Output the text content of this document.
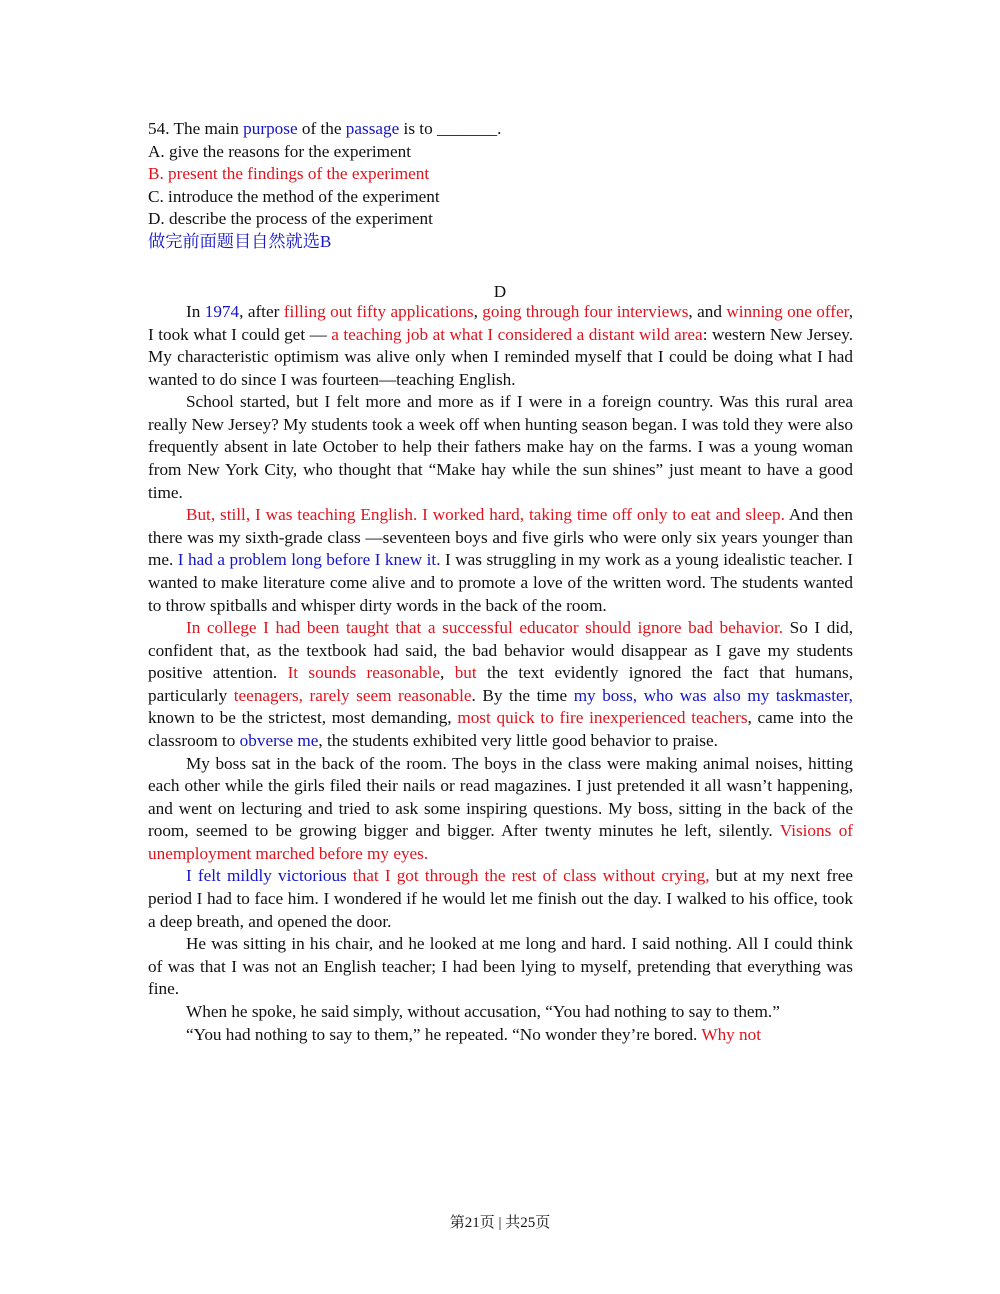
54. The main purpose of the passage is to _______.
A. give the reasons for the experiment
B. present the findings of the experiment
C. introduce the method of the experiment
D. describe the process of the experiment
做完前面题目自然就选B
D

In 1974, after filling out fifty applications, going through four interviews, and winning one offer, I took what I could get — a teaching job at what I considered a distant wild area: western New Jersey. My characteristic optimism was alive only when I reminded myself that I could be doing what I had wanted to do since I was fourteen—teaching English.

School started, but I felt more and more as if I were in a foreign country. Was this rural area really New Jersey? My students took a week off when hunting season began. I was told they were also frequently absent in late October to help their fathers make hay on the farms. I was a young woman from New York City, who thought that “Make hay while the sun shines” just meant to have a good time.

But, still, I was teaching English. I worked hard, taking time off only to eat and sleep. And then there was my sixth-grade class —seventeen boys and five girls who were only six years younger than me. I had a problem long before I knew it. I was struggling in my work as a young idealistic teacher. I wanted to make literature come alive and to promote a love of the written word. The students wanted to throw spitballs and whisper dirty words in the back of the room.

In college I had been taught that a successful educator should ignore bad behavior. So I did, confident that, as the textbook had said, the bad behavior would disappear as I gave my students positive attention. It sounds reasonable, but the text evidently ignored the fact that humans, particularly teenagers, rarely seem reasonable. By the time my boss, who was also my taskmaster, known to be the strictest, most demanding, most quick to fire inexperienced teachers, came into the classroom to obverse me, the students exhibited very little good behavior to praise.

My boss sat in the back of the room. The boys in the class were making animal noises, hitting each other while the girls filed their nails or read magazines. I just pretended it all wasn’t happening, and went on lecturing and tried to ask some inspiring questions. My boss, sitting in the back of the room, seemed to be growing bigger and bigger. After twenty minutes he left, silently. Visions of unemployment marched before my eyes.

I felt mildly victorious that I got through the rest of class without crying, but at my next free period I had to face him. I wondered if he would let me finish out the day. I walked to his office, took a deep breath, and opened the door.

He was sitting in his chair, and he looked at me long and hard. I said nothing. All I could think of was that I was not an English teacher; I had been lying to myself, pretending that everything was fine.

When he spoke, he said simply, without accusation, “You had nothing to say to them.”

“You had nothing to say to them,” he repeated. “No wonder they’re bored. Why not

第21页 | 共25页
